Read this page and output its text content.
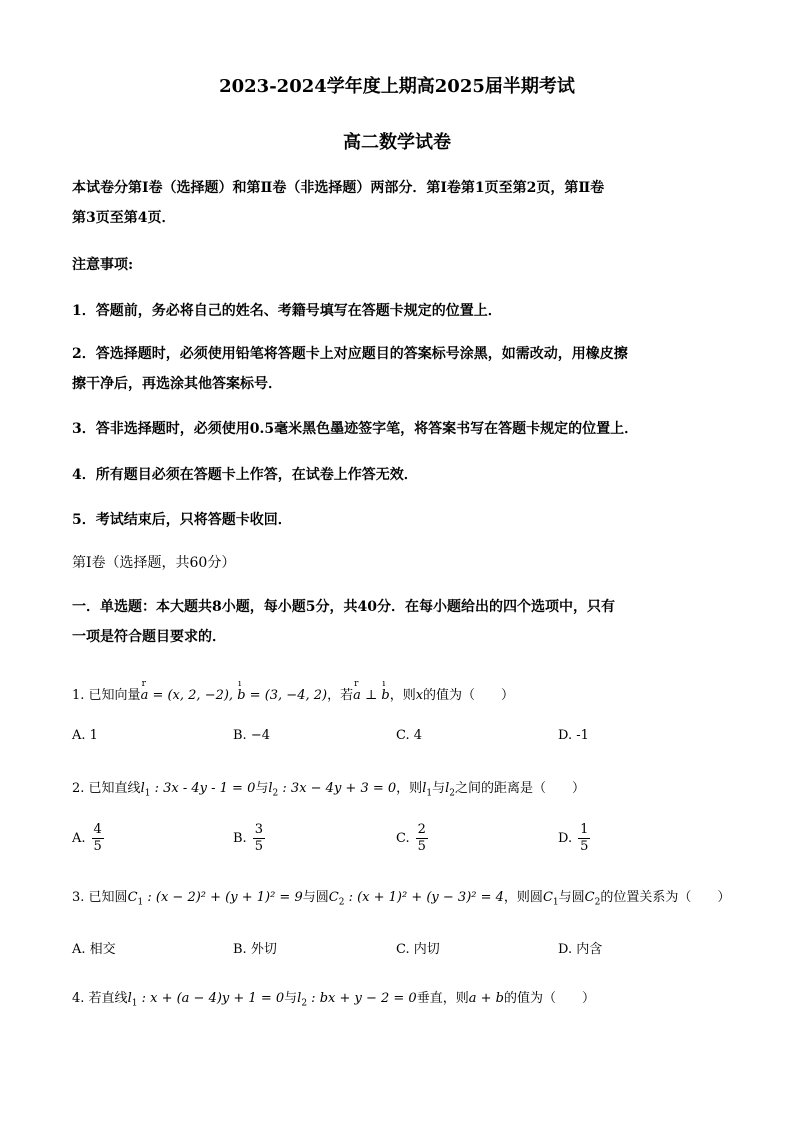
2023-2024学年度上期高2025届半期考试
高二数学试卷
本试卷分第Ⅰ卷（选择题）和第Ⅱ卷（非选择题）两部分．第Ⅰ卷第1页至第2页，第Ⅱ卷
第3页至第4页．
注意事项:
1．答题前，务必将自己的姓名、考籍号填写在答题卡规定的位置上．
2．答选择题时，必须使用铅笔将答题卡上对应题目的答案标号涂黑，如需改动，用橡皮擦
擦干净后，再选涂其他答案标号．
3．答非选择题时，必须使用0.5毫米黑色墨迹签字笔，将答案书写在答题卡规定的位置上．
4．所有题目必须在答题卡上作答，在试卷上作答无效．
5．考试结束后，只将答题卡收回．
第Ⅰ卷（选择题，共60分）
一．单选题：本大题共8小题，每小题5分，共40分．在每小题给出的四个选项中，只有
一项是符合题目要求的．
1. 已知向量
r
a = (x, 2, −2),
ı
b = (3, −4, 2)，若
r
a ⊥
ı
b，则x的值为（　　）
A. 1	B. −4	C. 4	D. -1
2. 已知直线$l_1$ : 3x - 4y - 1 = 0与$l_2$ : 3x − 4y + 3 = 0，则$l_1$与$l_2$之间的距离是（　　）
A. $\frac{4}{5}$	B. $\frac{3}{5}$	C. $\frac{2}{5}$	D. $\frac{1}{5}$
3. 已知圆$C_1$ : (x − 2)² + (y + 1)² = 9与圆$C_2$ : (x + 1)² + (y − 3)² = 4，则圆$C_1$与圆$C_2$的位置关系为（　　）
A. 相交	B. 外切	C. 内切	D. 内含
4. 若直线$l_1$ : x + (a − 4)y + 1 = 0与$l_2$ : bx + y − 2 = 0垂直，则a + b的值为（　　）
